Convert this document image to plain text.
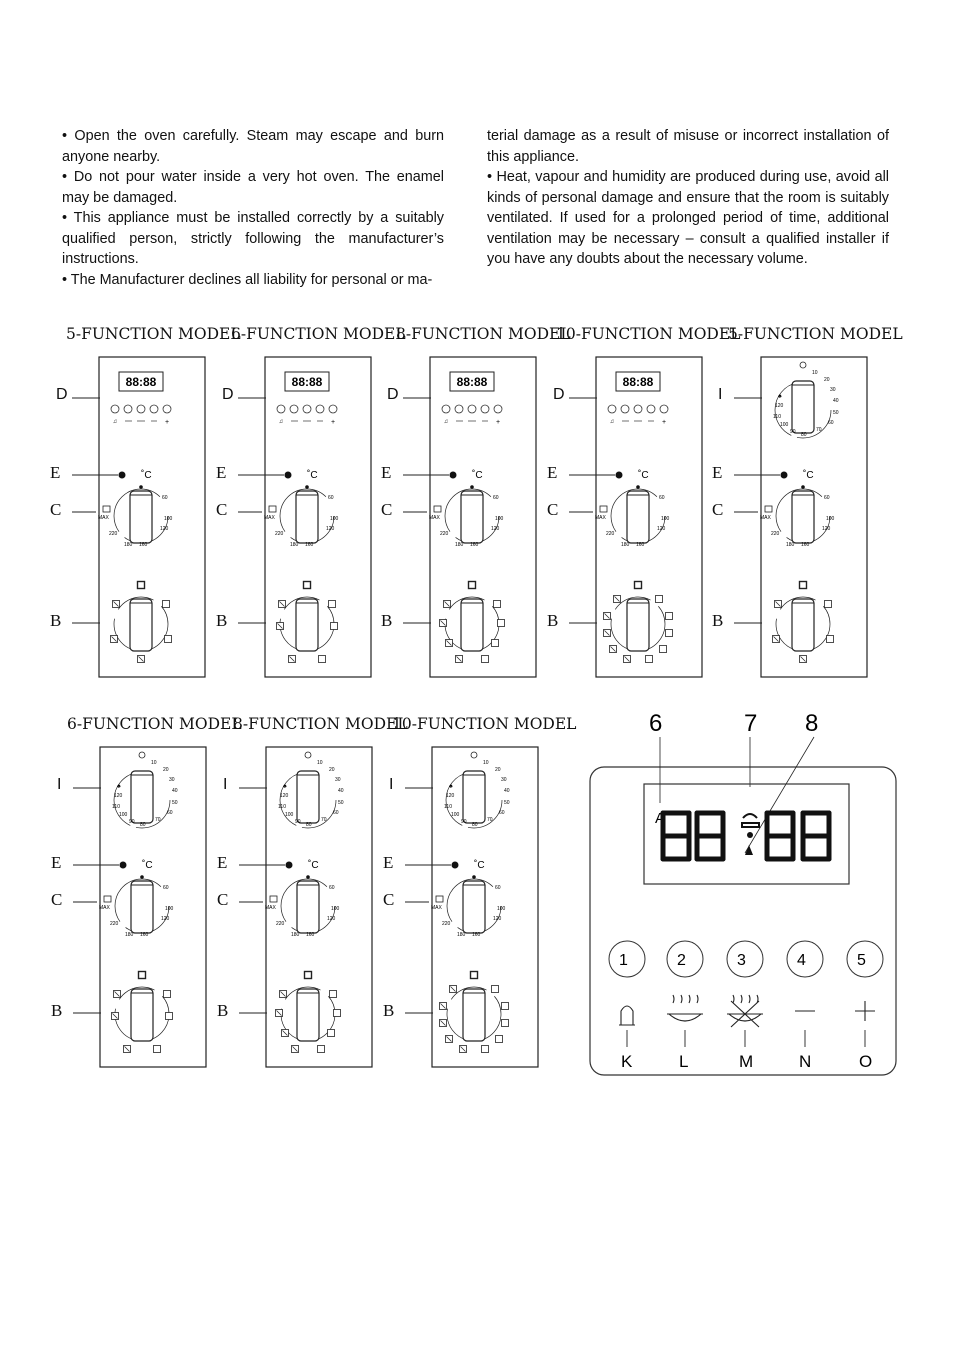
• Open the oven carefully. Steam may escape and burn anyone nearby.

• Do not pour water inside a very hot oven. The enamel may be damaged.

• This appliance must be installed correctly by a suitably qualified person, strictly following the manufacturer’s instructions.

• The Manufacturer declines all liability for personal or ma-

terial damage as a result of misuse or incorrect installation of this appliance.

• Heat, vapour and humidity are produced during use, avoid all kinds of personal damage and ensure that the room is suitably ventilated. If used for a prolonged period of time, additional ventilation may be necessary – consult a qualified installer if you have any doubts about the necessary volume.

5-FUNCTION MODEL
6-FUNCTION MODEL
8-FUNCTION MODEL
10-FUNCTION MODEL
5-FUNCTION MODEL
6-FUNCTION MODEL
8-FUNCTION MODEL
10-FUNCTION MODEL	6	7 8
A
1
K
2
L
3
M
4
N
5
O
D
E
C
B
88:88
♫	+
˚C
MAX
60
100
120
180 160
220
D
E
C
B
88:88
♫	+
˚C
MAX
60
100
120
180 160
220
D
E
C
B
88:88
♫	+
˚C
MAX
60
100
120
180 160
220
D
E
C
B
88:88
♫	+
˚C
MAX
60
100
120
180 160
220
I
E
C
B
10
20
30
40
50
60
70
80
90
100
110
120
♠
˚C
MAX
60
100
120
180 160
220
I
E
C
B
10
20
30
40
50
60
70
80
90
100
110
120
♠
˚C
MAX
60
100
120
180 160
220
I
E
C
B
10
20
30
40
50
60
70
80
90
100
110
120
♠
˚C
MAX
60
100
120
180 160
220
I
E
C
B
10
20
30
40
50
60
70
80
90
100
110
120
♠
˚C
MAX
60
100
120
180 160
220
